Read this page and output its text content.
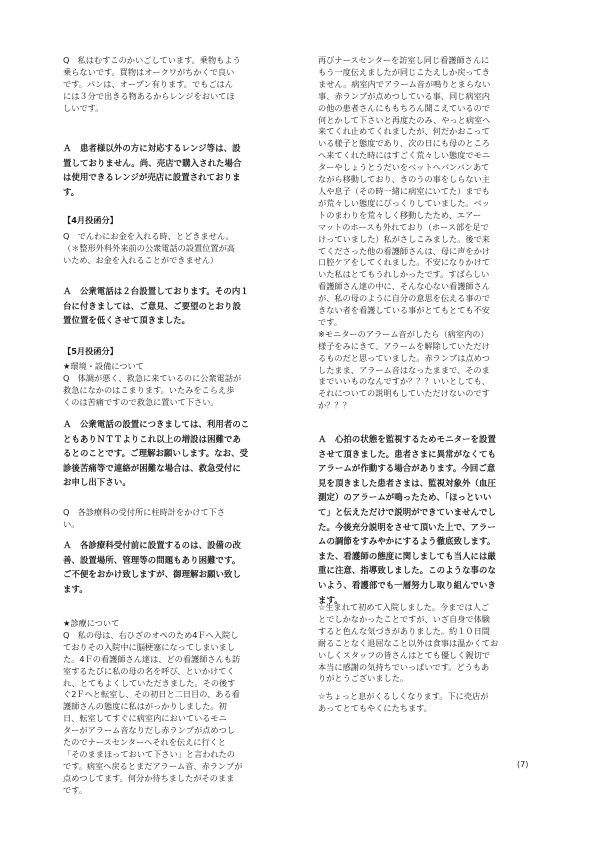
Q　私はむすこのかいごしています。乗物もよう
乗らないです。買物はオークワがちかくで良い
です。パンは、オープン有ります。でもごはん
には３分で出きる物あるからレンジをおいてほ
しいです。

Ａ　患者様以外の方に対応するレンジ等は、設
置しておりません。尚、売店で購入された場合
は使用できるレンジが売店に設置されておりま
す。

【4月投函分】

Q　でんわにお金を入れる時、とどきません。
（＊整形外科外来前の公衆電話の設置位置が高
いため、お金を入れることができません）

Ａ　公衆電話は２台設置しております。その内１
台に付きましては、ご意見、ご要望のとおり設
置位置を低くさせて頂きました。

【5月投函分】

★環境・設備について
Q　体調が悪く、救急に来ているのに公衆電話が
救急になかのはこまります。いたみをこらえ歩
くのは苦痛ですので救急に置いて下さい。

Ａ　公衆電話の設置につきましては、利用者のこ
ともありＮＴＴよりこれ以上の増設は困難であ
るとのことです。ご理解お願いします。なお、受
診後苦痛等で連絡が困難な場合は、救急受付に
お申し出下さい。

Q　各診療科の受付所に柱時計をかけて下さ
い。

Ａ　各診療科受付前に設置するのは、設備の改
善、設置場所、管理等の問題もあり困難です。
ご不便をおかけ致しますが、御理解お願い致し
ます。

★診療について
Q　私の母は、右ひざのオペのため4Ｆへ入院し
ておりその入院中に脳梗塞になってしまいまし
た。4Ｆの看護師さん達は、どの看護師さんも訪
室するたびに私の母の名を呼び、といかけてく
れ、とてもよくしていただきました。その後す
ぐ2Ｆへと転室し、その初日と二日目の、ある看
護師さんの態度に私はがっかりしました。初
日、転室してすぐに病室内においているモニ
ターがアラーム音なりだし赤ランプが点めつし
たのでナースセンターへそれを伝えに行くと
「そのままほっておいて下さい」と言われたの
です。病室へ戻るとまだアラーム音、赤ランプが
点めつしてます。何分か待ちましたがそのまま
です。

再びナースセンターを訪室し同じ看護師さんに
もう一度伝えましたが同じこたえしか戻ってき
ません。病室内でアラーム音が鳴りとまらない
事、赤ランプが点めつしている事、同じ病室内
の他の患者さんにももちろん聞こえているので
何とかして下さいと再度たのみ、やっと病室へ
来てくれ止めてくれましたが、何だかおこって
いる様子と態度であり、次の日にも母のところ
へ来てくれた時にはすごく荒々しい態度でモニ
ターやしょうとうだいをベットへバンバンあて
ながら移動しており、きのうの事をしらない主
人や息子（その時一緒に病室にいてた）までも
が荒々しい態度にびっくりしていました。ベッ
トのまわりを荒々しく移動したため、エアー
マットのホースも外れており（ホース部を足で
けっていました）私がさしこみました。後で来
てくださった他の看護師さんは、母に声をかけ
口腔ケアをしてくれました。不安になりかけて
いた私はとてもうれしかったです。すばらしい
看護師さん達の中に、そんな心ない看護師さん
が、私の母のように自分の意思を伝える事ので
きない者を看護している事がとてもとても不安
です。
※モニターのアラーム音がしたら（病室内の）
様子をみにきて、アラームを解除していただけ
るものだと思っていました。赤ランプは点めつ
したまま、アラーム音はなったままで、そのま
までいいものなんですか？？？いいとしても、
それについての説明もしていただけないのです
か？？？

Ａ　心拍の状態を監視するためモニターを設置
させて頂きました。患者さまに異常がなくても
アラームが作動する場合があります。今回ご意
見を頂きました患者さまは、監視対象外（血圧
測定）のアラームが鳴ったため、「ほっといい
て」と伝えただけで説明ができていませんでし
た。今後充分説明をさせて頂いた上で、アラー
ムの調節をすみやかにするよう徹底致します。
また、看護師の態度に関しましても当人には厳
重に注意、指導致しました。このような事のな
いよう、看護部でも一層努力し取り組んでいき
ます。

☆生まれて初めて入院しました。今までは人ご
とでしかなかったことですが、いざ自身で体験
すると色んな気づきがありました。約１０日間
耐ることなく退屈なこと以外は食事は温かくてお
いしくスタッフの皆さんはとても優しく親切で
本当に感謝の気持ちでいっぱいです。どうもあ
りがとうございました。

☆ちょっと息がくるしくなります。下に売店が
あってとてもやくにたちます。

(7)
